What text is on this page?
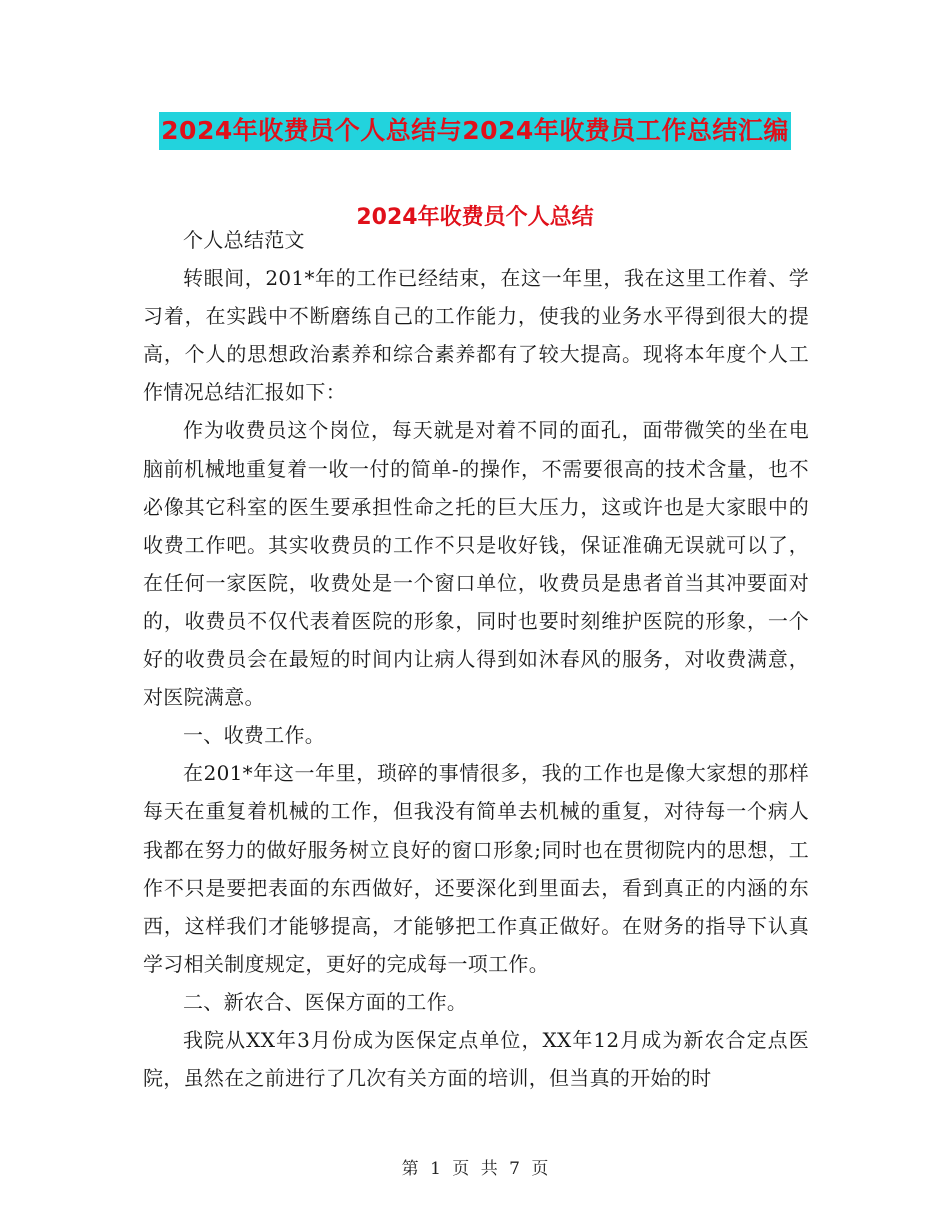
2024年收费员个人总结与2024年收费员工作总结汇编
2024年收费员个人总结

个人总结范文

转眼间，201*年的工作已经结束，在这一年里，我在这里工作着、学习着，在实践中不断磨练自己的工作能力，使我的业务水平得到很大的提高，个人的思想政治素养和综合素养都有了较大提高。现将本年度个人工作情况总结汇报如下：

作为收费员这个岗位，每天就是对着不同的面孔，面带微笑的坐在电脑前机械地重复着一收一付的简单-的操作，不需要很高的技术含量，也不必像其它科室的医生要承担性命之托的巨大压力，这或许也是大家眼中的收费工作吧。其实收费员的工作不只是收好钱，保证准确无误就可以了，在任何一家医院，收费处是一个窗口单位，收费员是患者首当其冲要面对的，收费员不仅代表着医院的形象，同时也要时刻维护医院的形象，一个好的收费员会在最短的时间内让病人得到如沐春风的服务，对收费满意，对医院满意。

一、收费工作。

在201*年这一年里，琐碎的事情很多，我的工作也是像大家想的那样每天在重复着机械的工作，但我没有简单去机械的重复，对待每一个病人我都在努力的做好服务树立良好的窗口形象;同时也在贯彻院内的思想，工作不只是要把表面的东西做好，还要深化到里面去，看到真正的内涵的东西，这样我们才能够提高，才能够把工作真正做好。在财务的指导下认真学习相关制度规定，更好的完成每一项工作。

二、新农合、医保方面的工作。

我院从XX年3月份成为医保定点单位，XX年12月成为新农合定点医院，虽然在之前进行了几次有关方面的培训，但当真的开始的时

第 1 页 共 7 页
